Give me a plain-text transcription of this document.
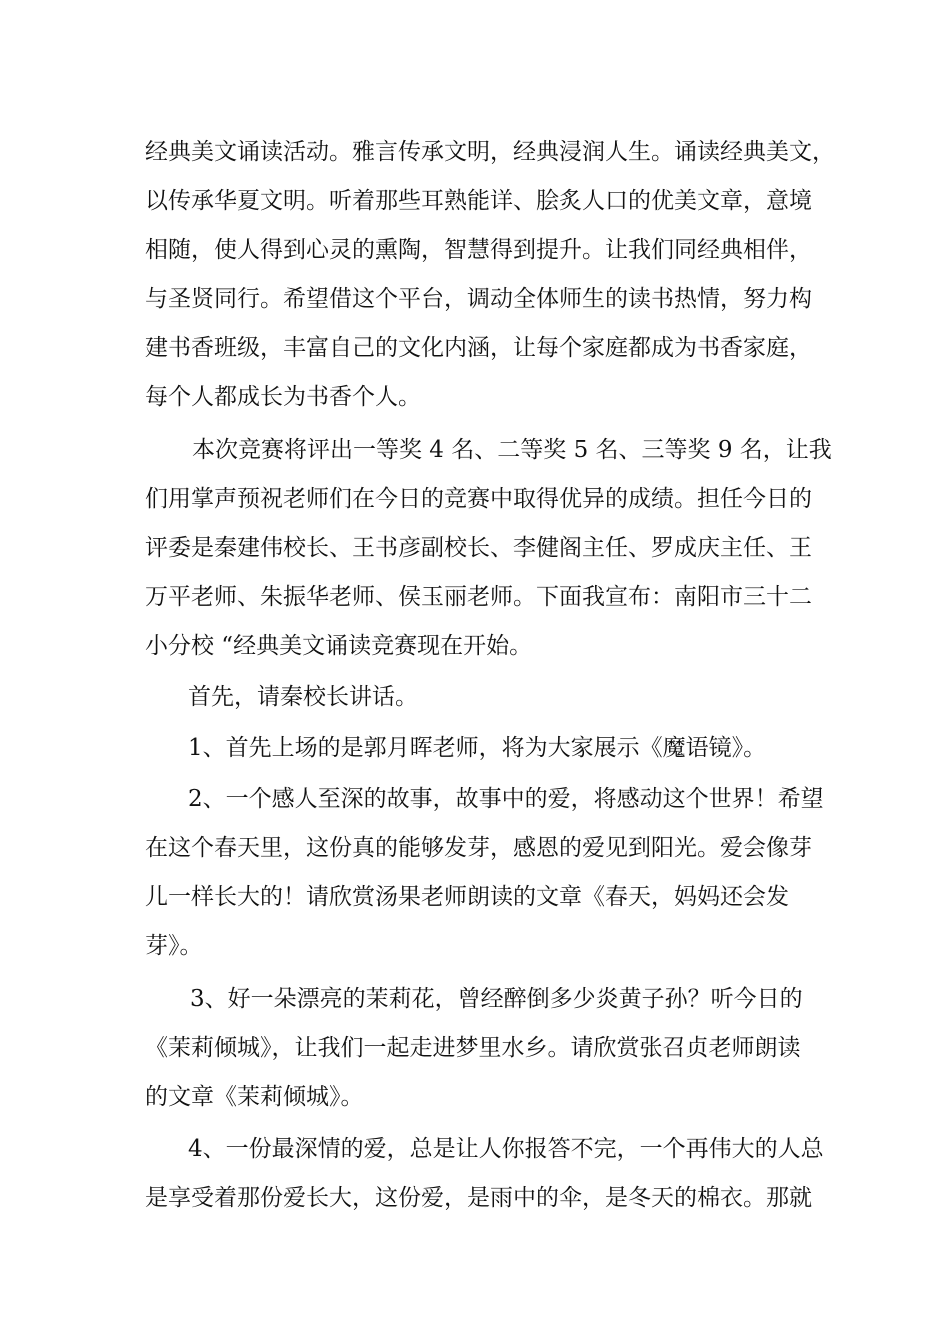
经典美文诵读活动。雅言传承文明，经典浸润人生。诵读经典美文，
以传承华夏文明。听着那些耳熟能详、脍炙人口的优美文章，意境
相随，使人得到心灵的熏陶，智慧得到提升。让我们同经典相伴，
与圣贤同行。希望借这个平台，调动全体师生的读书热情，努力构
建书香班级，丰富自己的文化内涵，让每个家庭都成为书香家庭，
每个人都成长为书香个人。
本次竞赛将评出一等奖 4 名、二等奖 5 名、三等奖 9 名，让我
们用掌声预祝老师们在今日的竞赛中取得优异的成绩。担任今日的
评委是秦建伟校长、王书彦副校长、李健阁主任、罗成庆主任、王
万平老师、朱振华老师、侯玉丽老师。下面我宣布：南阳市三十二
小分校 “经典美文诵读竞赛现在开始。
首先，请秦校长讲话。
1、首先上场的是郭月晖老师，将为大家展示《魔语镜》。
2、一个感人至深的故事，故事中的爱，将感动这个世界！希望
在这个春天里，这份真的能够发芽，感恩的爱见到阳光。爱会像芽
儿一样长大的！请欣赏汤果老师朗读的文章《春天，妈妈还会发
芽》。
3、好一朵漂亮的茉莉花，曾经醉倒多少炎黄子孙？听今日的
《茉莉倾城》，让我们一起走进梦里水乡。请欣赏张召贞老师朗读
的文章《茉莉倾城》。
4、一份最深情的爱，总是让人你报答不完，一个再伟大的人总
是享受着那份爱长大，这份爱，是雨中的伞，是冬天的棉衣。那就
